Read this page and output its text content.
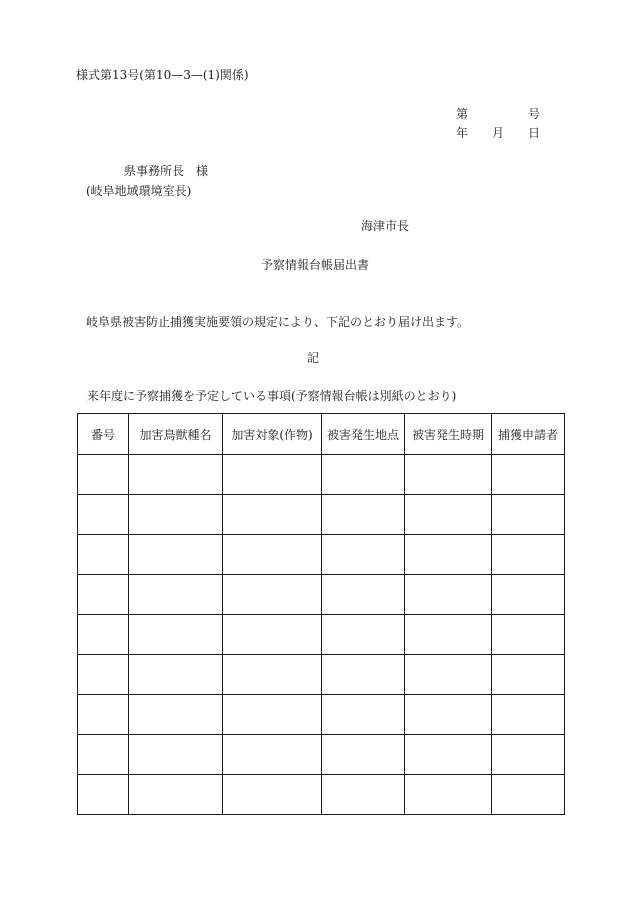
様式第13号(第10—3—(1)関係)
第	号
年 月 日
県事務所長 様
(岐阜地域環境室長)
海津市長
予察情報台帳届出書
岐阜県被害防止捕獲実施要領の規定により、下記のとおり届け出ます。
記
来年度に予察捕獲を予定している事項(予察情報台帳は別紙のとおり)
番号	加害鳥獣種名	加害対象(作物)	被害発生地点	被害発生時期	捕獲申請者
